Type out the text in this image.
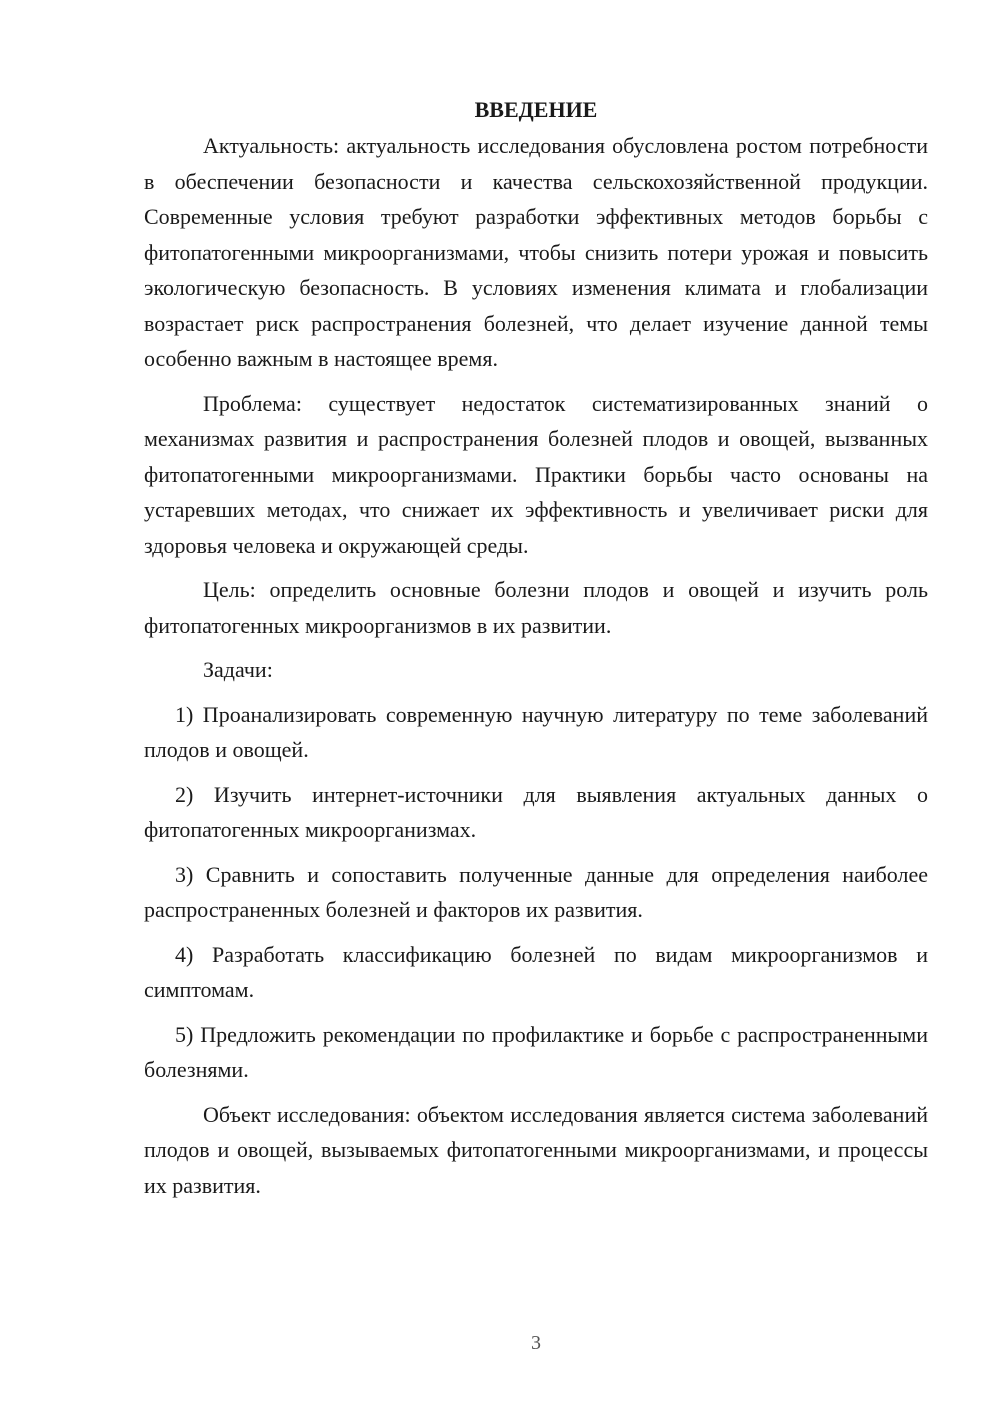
ВВЕДЕНИЕ

Актуальность: актуальность исследования обусловлена ростом потребности в обеспечении безопасности и качества сельскохозяйственной продукции. Современные условия требуют разработки эффективных методов борьбы с фитопатогенными микроорганизмами, чтобы снизить потери урожая и повысить экологическую безопасность. В условиях изменения климата и глобализации возрастает риск распространения болезней, что делает изучение данной темы особенно важным в настоящее время.

Проблема: существует недостаток систематизированных знаний о механизмах развития и распространения болезней плодов и овощей, вызванных фитопатогенными микроорганизмами. Практики борьбы часто основаны на устаревших методах, что снижает их эффективность и увеличивает риски для здоровья человека и окружающей среды.

Цель: определить основные болезни плодов и овощей и изучить роль фитопатогенных микроорганизмов в их развитии.

Задачи:

1) Проанализировать современную научную литературу по теме заболеваний плодов и овощей.

2) Изучить интернет-источники для выявления актуальных данных о фитопатогенных микроорганизмах.

3) Сравнить и сопоставить полученные данные для определения наиболее распространенных болезней и факторов их развития.

4) Разработать классификацию болезней по видам микроорганизмов и симптомам.

5) Предложить рекомендации по профилактике и борьбе с распространенными болезнями.

Объект исследования: объектом исследования является система заболеваний плодов и овощей, вызываемых фитопатогенными микроорганизмами, и процессы их развития.

3
